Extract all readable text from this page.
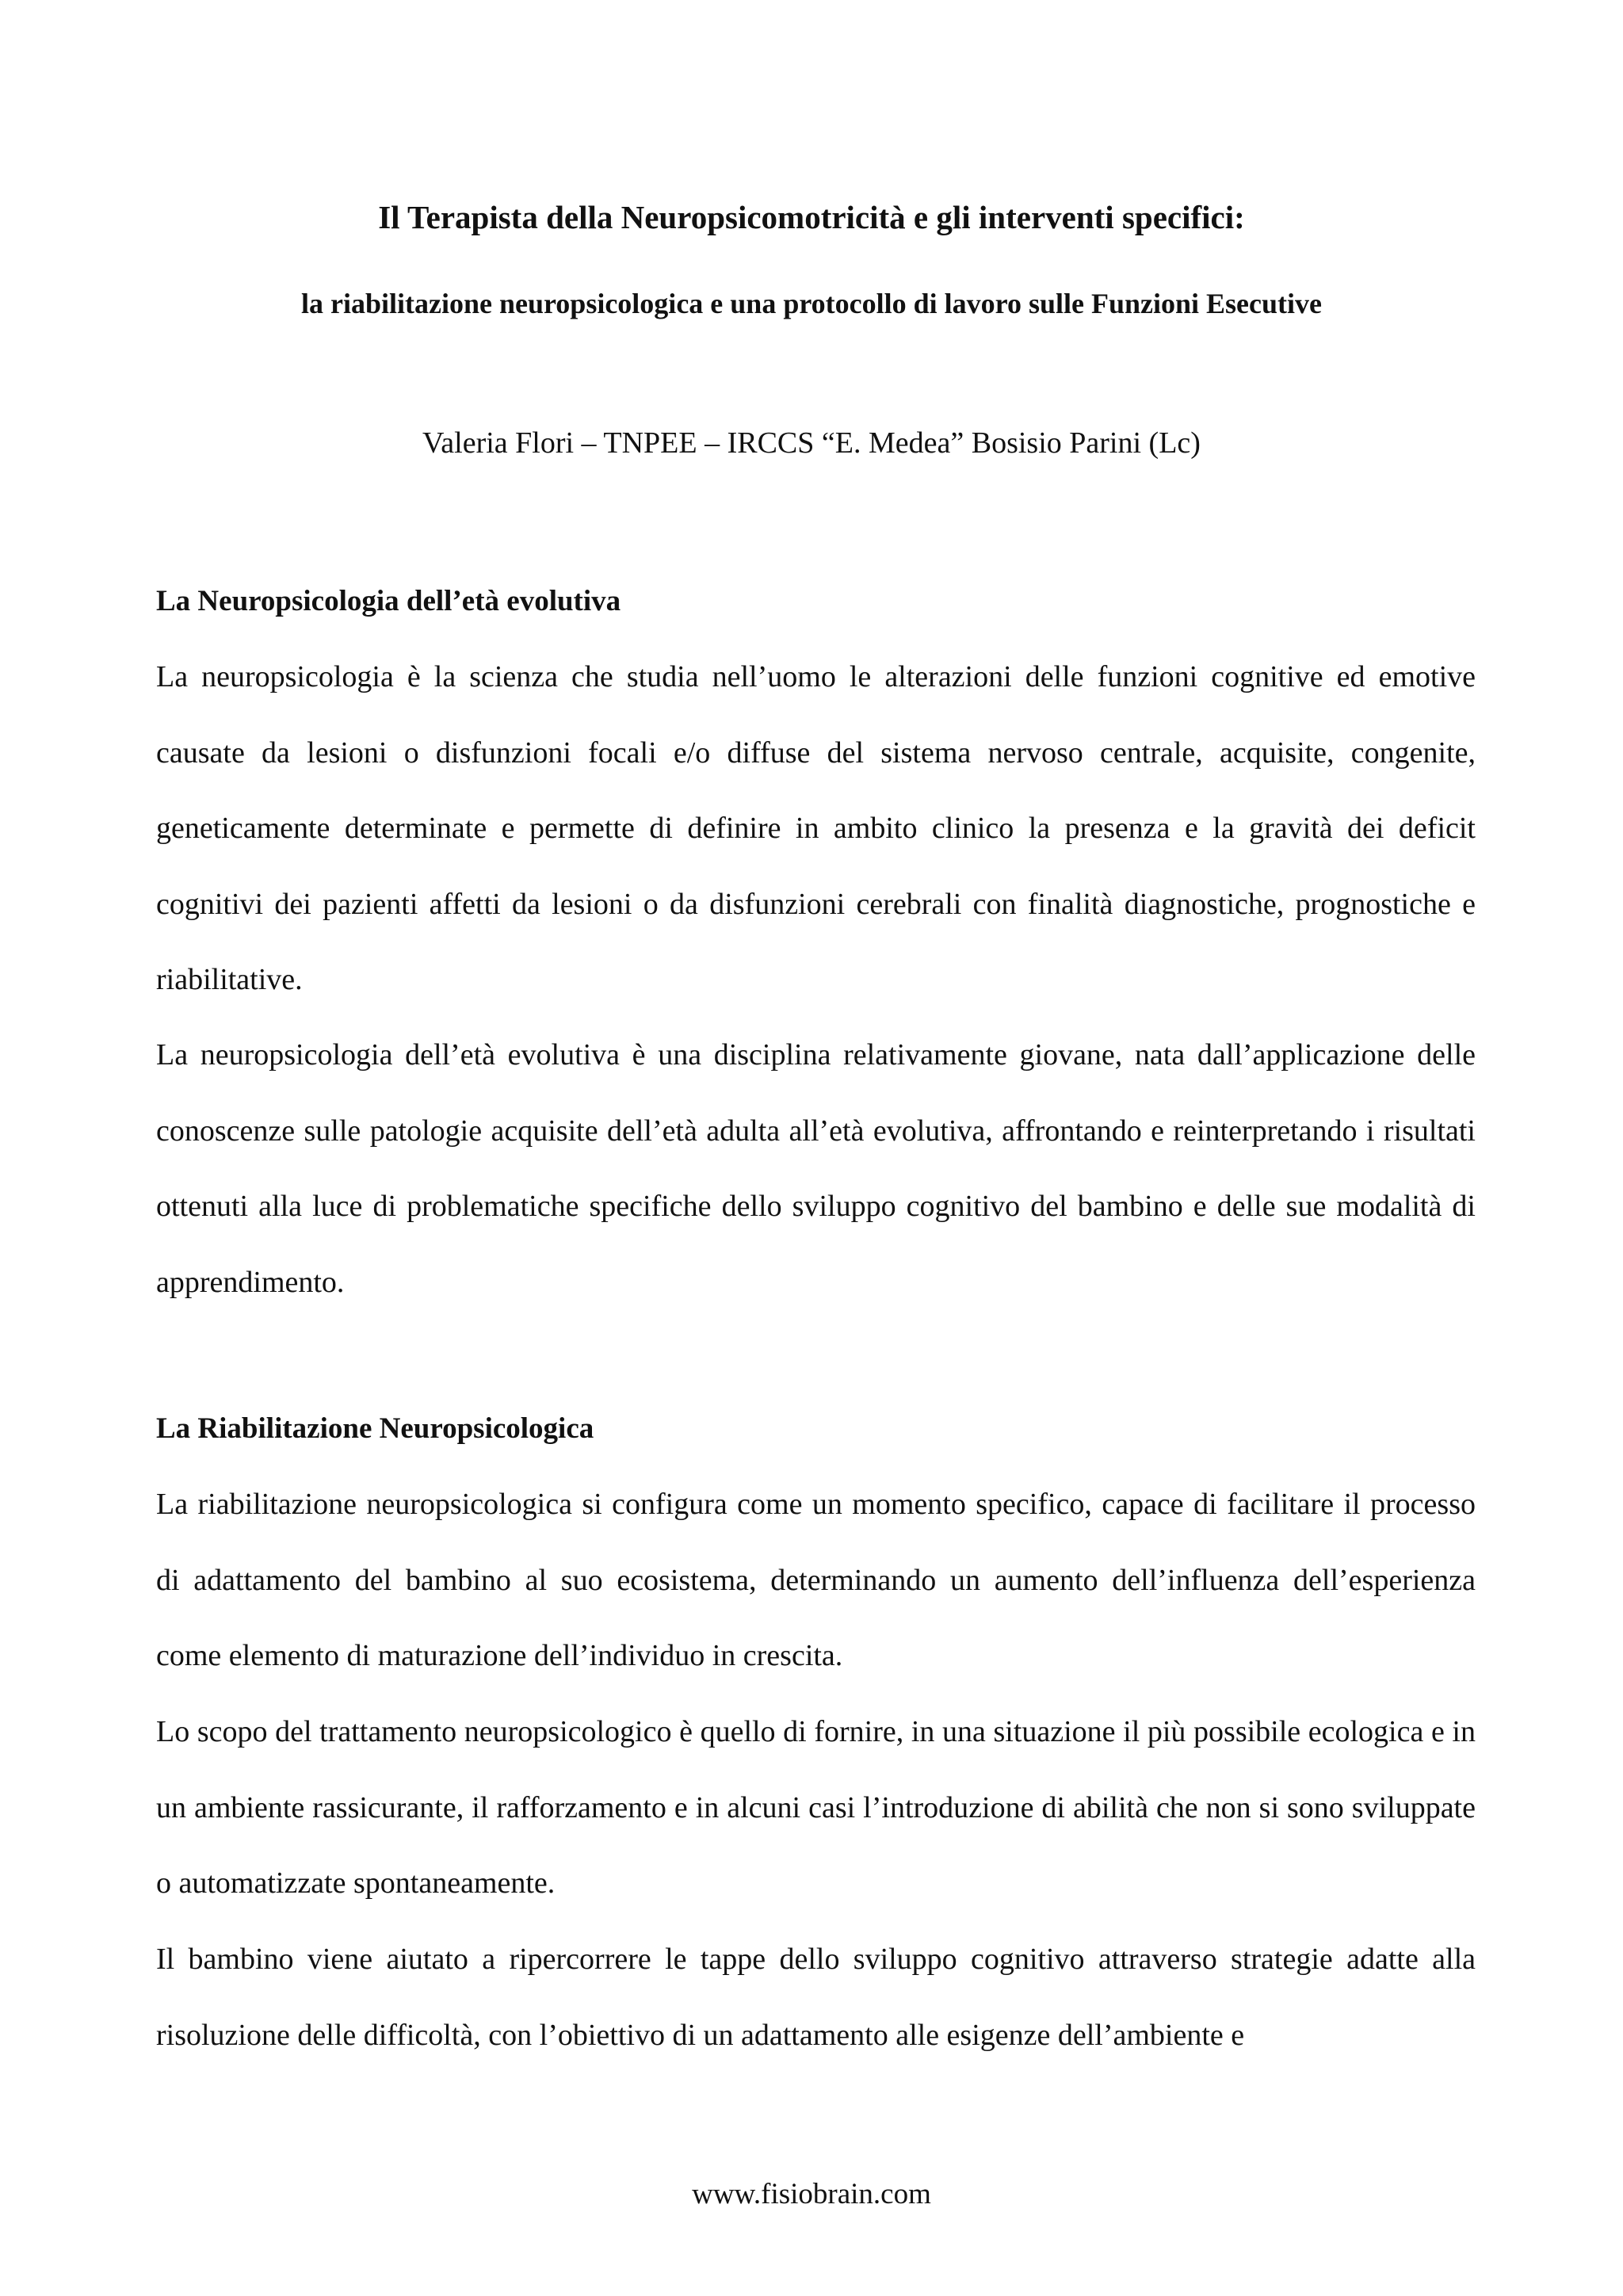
Il Terapista della Neuropsicomotricità e gli interventi specifici:
la riabilitazione neuropsicologica e una protocollo di lavoro sulle Funzioni Esecutive

Valeria Flori – TNPEE – IRCCS “E. Medea” Bosisio Parini (Lc)

La Neuropsicologia dell’età evolutiva

La neuropsicologia è la scienza che studia nell’uomo le alterazioni delle funzioni cognitive ed emotive causate da lesioni o disfunzioni focali e/o diffuse del sistema nervoso centrale, acquisite, congenite, geneticamente determinate e permette di definire in ambito clinico la presenza e la gravità dei deficit cognitivi dei pazienti affetti da lesioni o da disfunzioni cerebrali con finalità diagnostiche, prognostiche e riabilitative.

La neuropsicologia dell’età evolutiva è una disciplina relativamente giovane, nata dall’applicazione delle conoscenze sulle patologie acquisite dell’età adulta all’età evolutiva, affrontando e reinterpretando i risultati ottenuti alla luce di problematiche specifiche dello sviluppo cognitivo del bambino e delle sue modalità di apprendimento.

La Riabilitazione Neuropsicologica

La riabilitazione neuropsicologica si configura come un momento specifico, capace di facilitare il processo di adattamento del bambino al suo ecosistema, determinando un aumento dell’influenza dell’esperienza come elemento di maturazione dell’individuo in crescita.

Lo scopo del trattamento neuropsicologico è quello di fornire, in una situazione il più possibile ecologica e in un ambiente rassicurante, il rafforzamento e in alcuni casi l’introduzione di abilità che non si sono sviluppate o automatizzate spontaneamente.

Il bambino viene aiutato a ripercorrere le tappe dello sviluppo cognitivo attraverso strategie adatte alla risoluzione delle difficoltà, con l’obiettivo di un adattamento alle esigenze dell’ambiente e

www.fisiobrain.com
